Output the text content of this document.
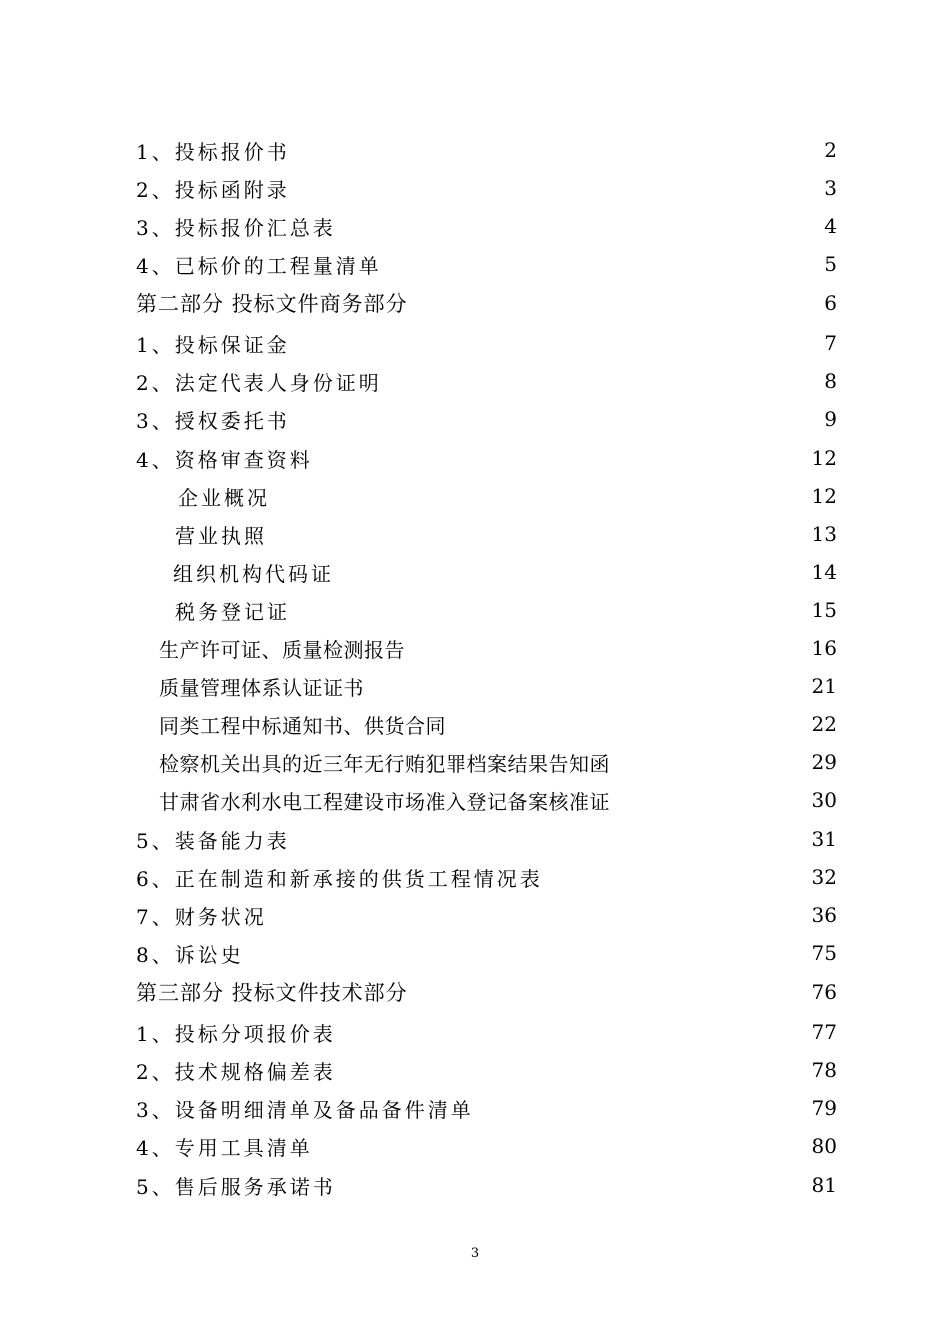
1、投标报价书	2
2、投标函附录	3
3、投标报价汇总表	4
4、已标价的工程量清单	5
第二部分 投标文件商务部分	6
1、投标保证金	7
2、法定代表人身份证明	8
3、授权委托书	9
4、资格审查资料	12
企业概况	12
营业执照	13
组织机构代码证	14
税务登记证	15
生产许可证、质量检测报告	16
质量管理体系认证证书	21
同类工程中标通知书、供货合同	22
检察机关出具的近三年无行贿犯罪档案结果告知函	29
甘肃省水利水电工程建设市场准入登记备案核准证	30
5、装备能力表	31
6、正在制造和新承接的供货工程情况表	32
7、财务状况	36
8、诉讼史	75
第三部分 投标文件技术部分	76
1、投标分项报价表	77
2、技术规格偏差表	78
3、设备明细清单及备品备件清单	79
4、专用工具清单	80
5、售后服务承诺书	81
3
